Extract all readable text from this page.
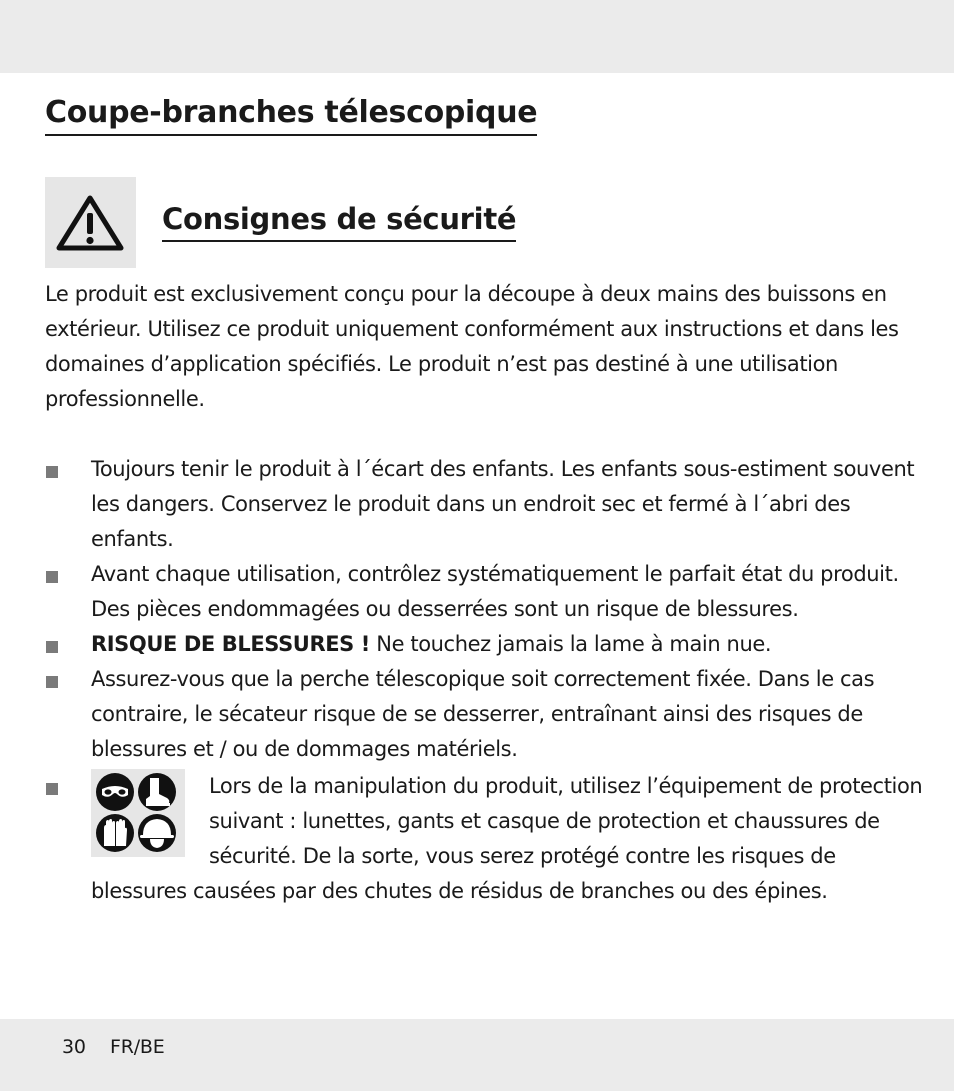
Coupe-branches télescopique
Consignes de sécurité

Le produit est exclusivement conçu pour la découpe à deux mains des buissons en extérieur. Utilisez ce produit uniquement conformément aux instructions et dans les domaines d’application spécifiés. Le produit n’est pas destiné à une utilisation professionnelle.

Toujours tenir le produit à l´écart des enfants. Les enfants sous-estiment souvent les dangers. Conservez le produit dans un endroit sec et fermé à l´abri des enfants.
Avant chaque utilisation, contrôlez systématiquement le parfait état du produit. Des pièces endommagées ou desserrées sont un risque de blessures.
RISQUE DE BLESSURES ! Ne touchez jamais la lame à main nue.
Assurez-vous que la perche télescopique soit correctement fixée. Dans le cas contraire, le sécateur risque de se desserrer, entraînant ainsi des risques de blessures et / ou de dommages matériels.
Lors de la manipulation du produit, utilisez l’équipement de protection suivant : lunettes, gants et casque de protection et chaussures de sécurité. De la sorte, vous serez protégé contre les risques de blessures causées par des chutes de résidus de branches ou des épines.
30 FR/BE
